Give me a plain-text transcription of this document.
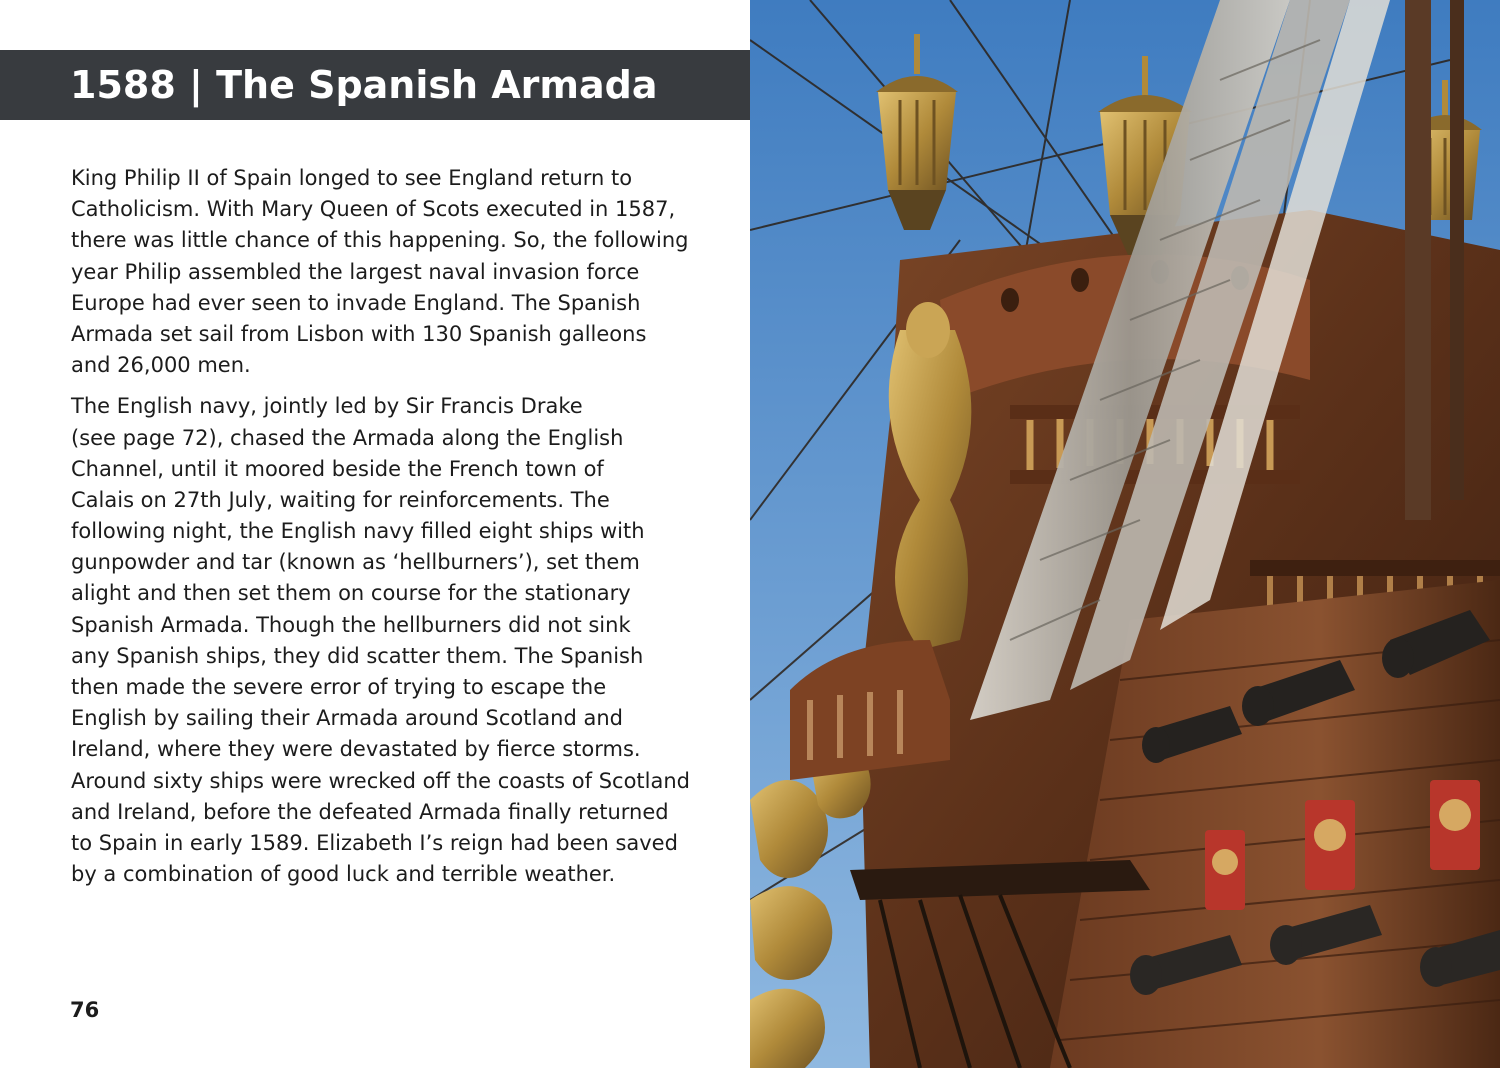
1588 | The Spanish Armada

King Philip II of Spain longed to see England return to
Catholicism. With Mary Queen of Scots executed in 1587,
there was little chance of this happening. So, the following
year Philip assembled the largest naval invasion force
Europe had ever seen to invade England. The Spanish
Armada set sail from Lisbon with 130 Spanish galleons
and 26,000 men.

The English navy, jointly led by Sir Francis Drake
(see page 72), chased the Armada along the English
Channel, until it moored beside the French town of
Calais on 27th July, waiting for reinforcements. The
following night, the English navy filled eight ships with
gunpowder and tar (known as ‘hellburners’), set them
alight and then set them on course for the stationary
Spanish Armada. Though the hellburners did not sink
any Spanish ships, they did scatter them. The Spanish
then made the severe error of trying to escape the
English by sailing their Armada around Scotland and
Ireland, where they were devastated by fierce storms.
Around sixty ships were wrecked off the coasts of Scotland
and Ireland, before the defeated Armada finally returned
to Spain in early 1589. Elizabeth I’s reign had been saved
by a combination of good luck and terrible weather.

76
